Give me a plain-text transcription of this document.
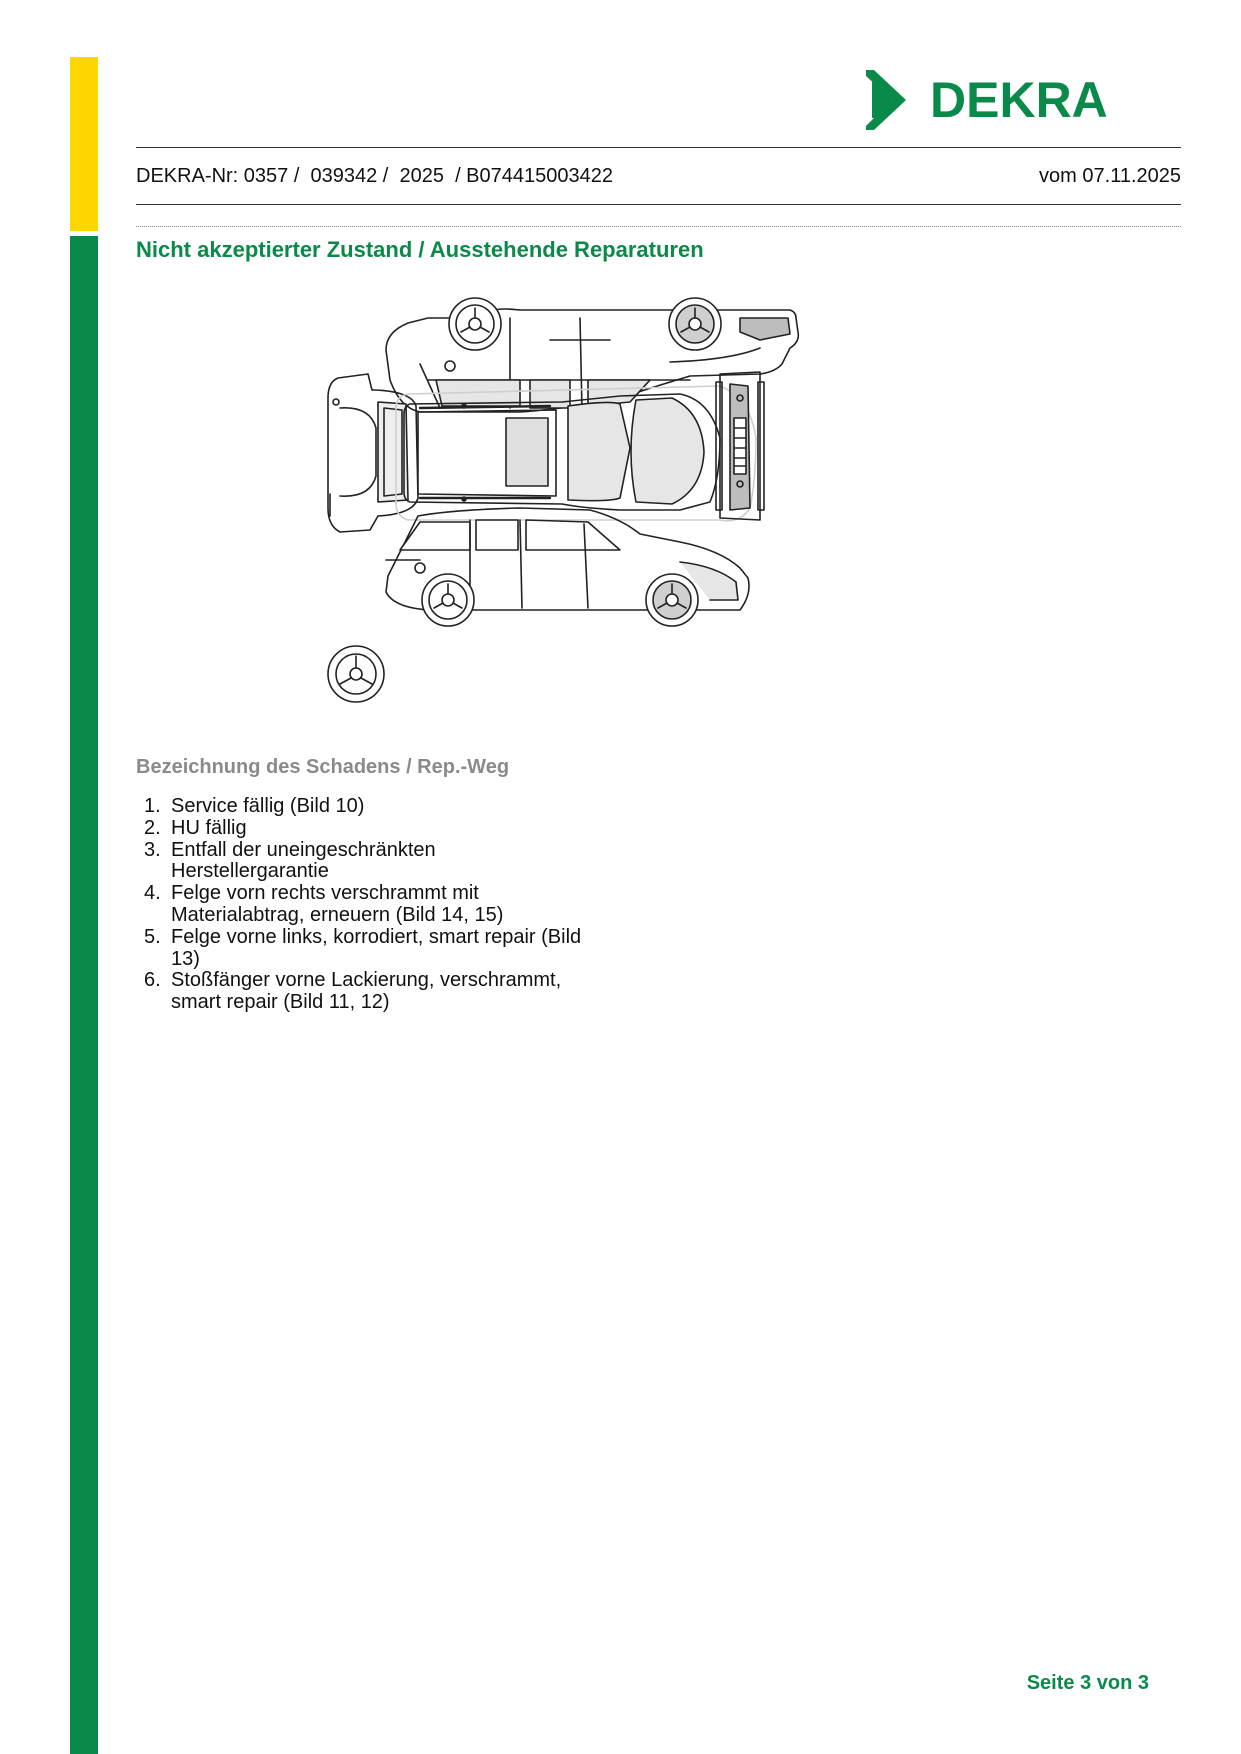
DEKRA
DEKRA-Nr: 0357 /  039342 /  2025  / B074415003422	vom 07.11.2025
Nicht akzeptierter Zustand / Ausstehende Reparaturen
Bezeichnung des Schadens / Rep.-Weg
1. Service fällig (Bild 10)
2. HU fällig
3. Entfall der uneingeschränkten Herstellergarantie
4. Felge vorn rechts verschrammt mit Materialabtrag, erneuern (Bild 14, 15)
5. Felge vorne links, korrodiert, smart repair (Bild 13)
6. Stoßfänger vorne Lackierung, verschrammt, smart repair (Bild 11, 12)
Seite 3 von 3
